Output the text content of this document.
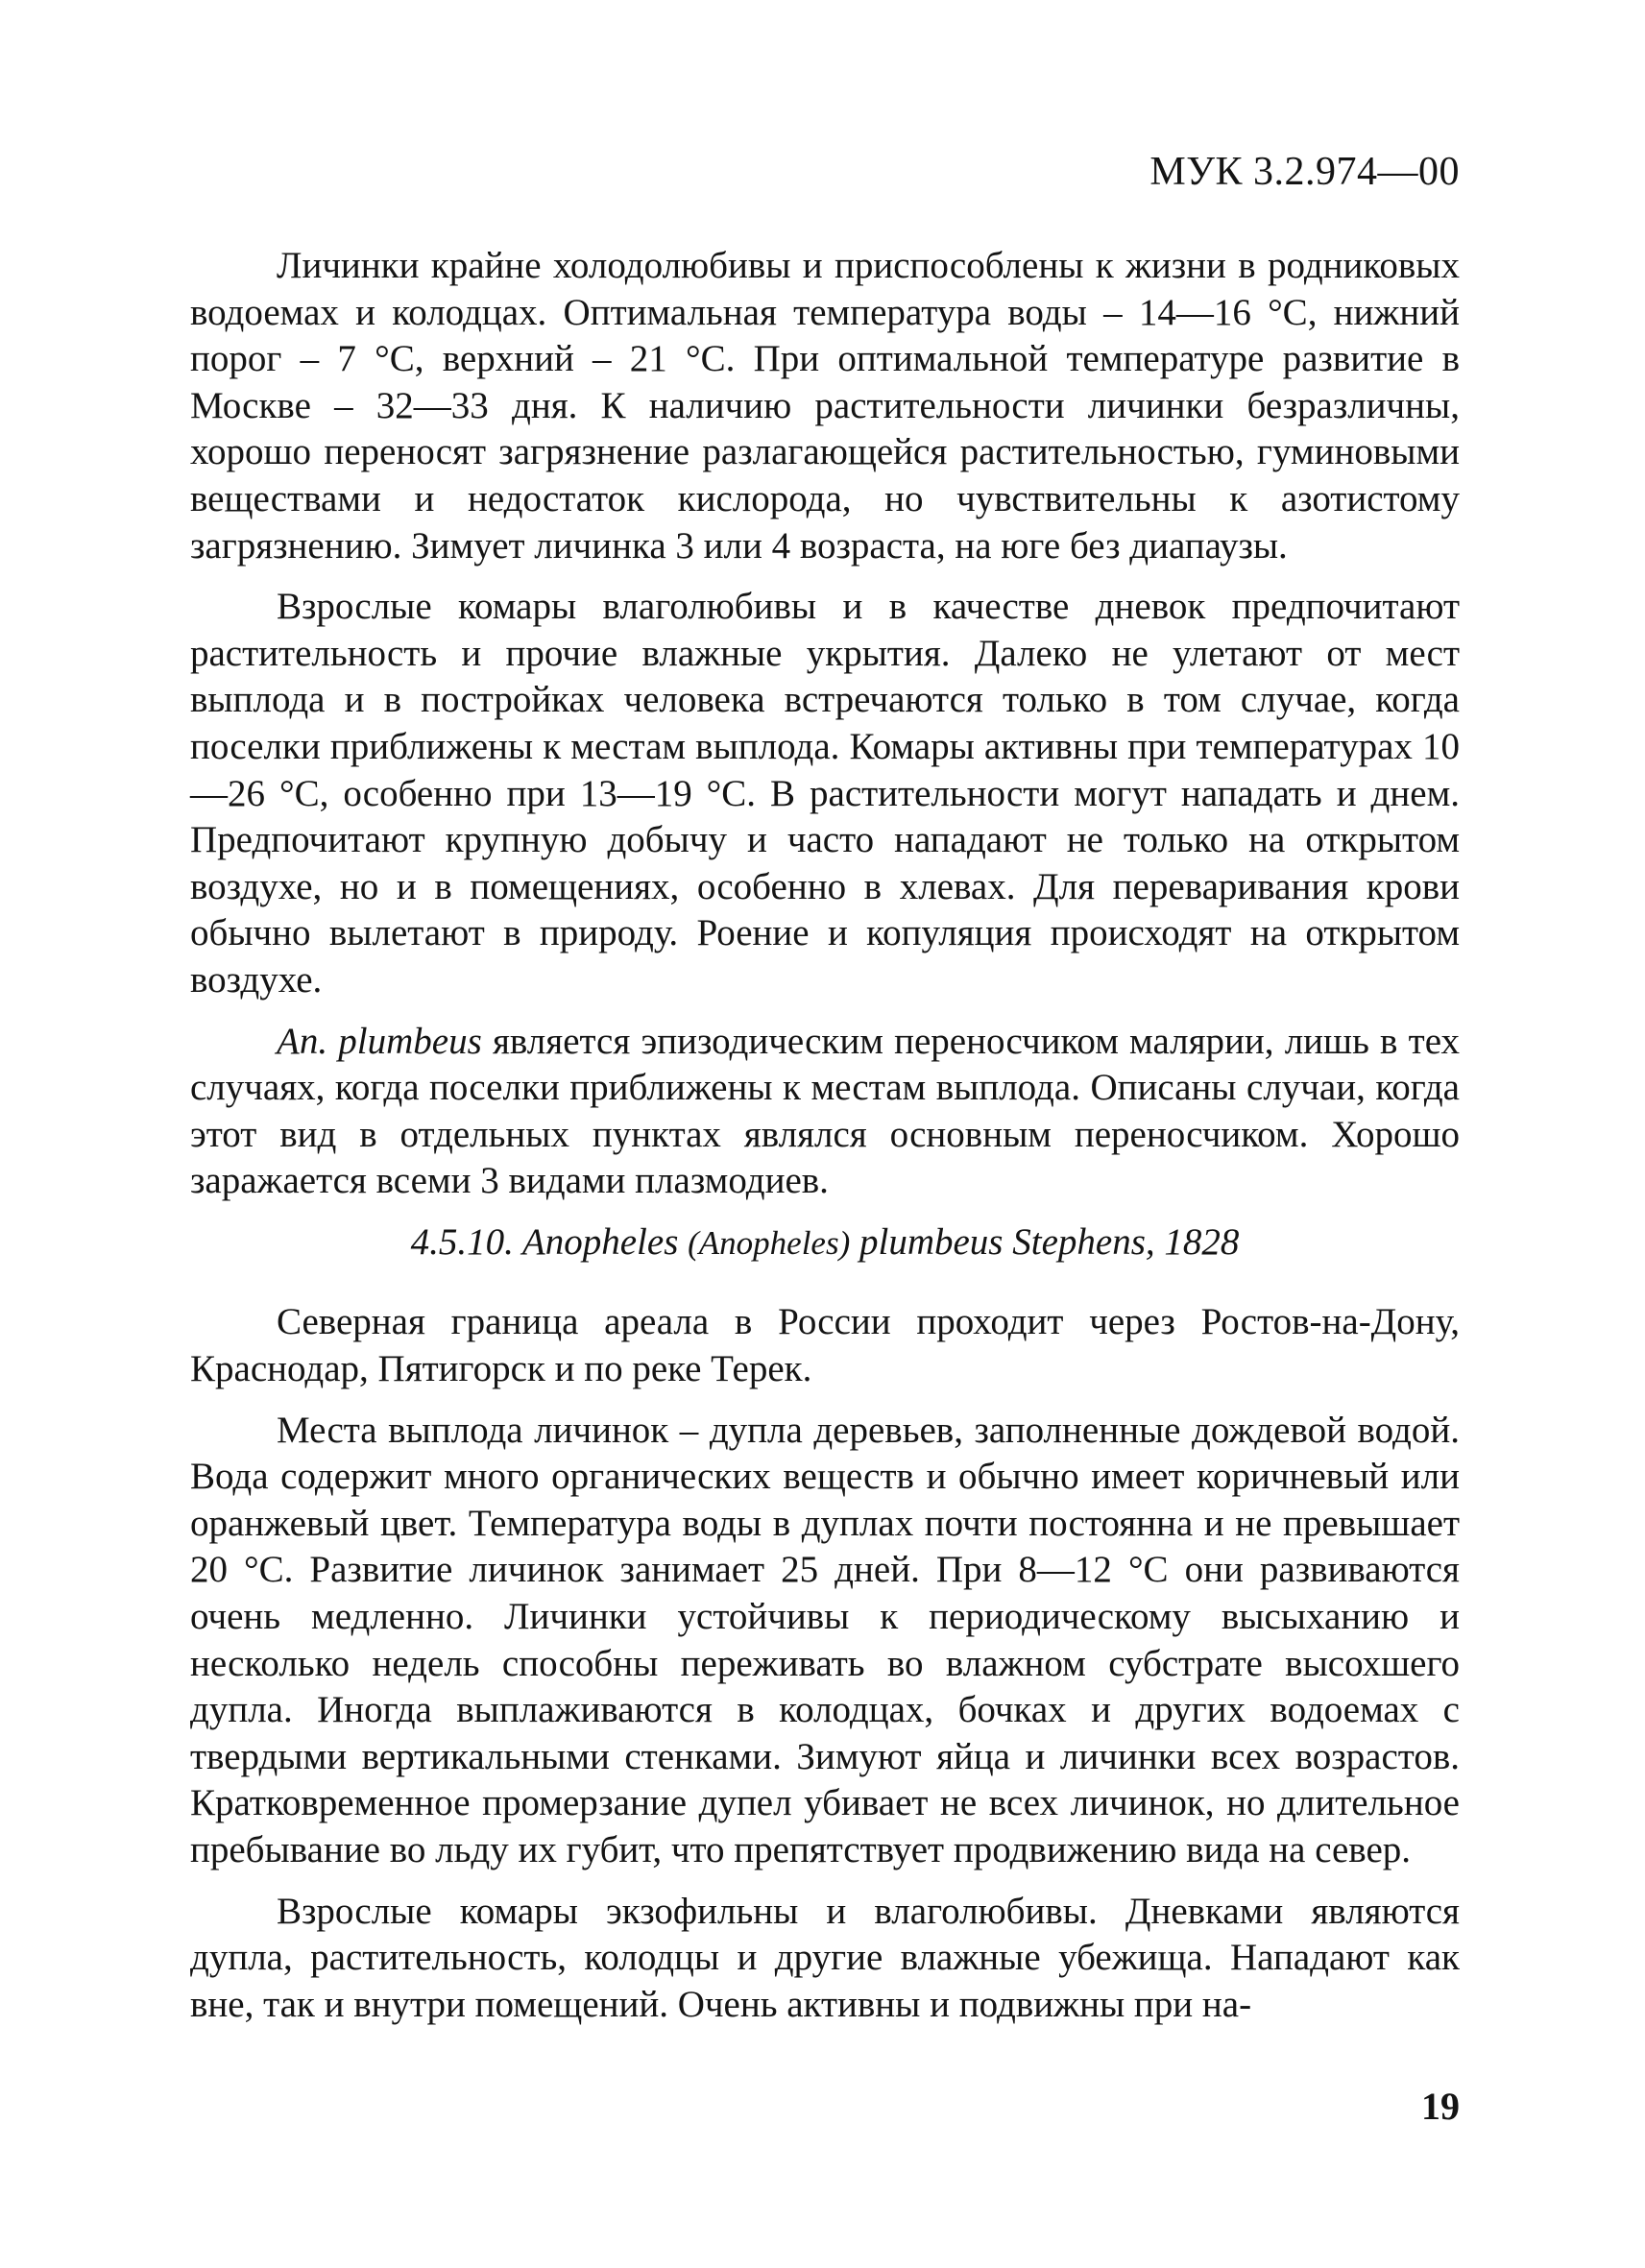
МУК 3.2.974—00

Личинки крайне холодолюбивы и приспособлены к жизни в родниковых водоемах и колодцах. Оптимальная температура воды – 14—16 °С, нижний порог – 7 °С, верхний – 21 °С. При оптимальной температуре развитие в Москве – 32—33 дня. К наличию растительности личинки безразличны, хорошо переносят загрязнение разлагающейся растительностью, гуминовыми веществами и недостаток кислорода, но чувствительны к азотистому загрязнению. Зимует личинка 3 или 4 возраста, на юге без диапаузы.

Взрослые комары влаголюбивы и в качестве дневок предпочитают растительность и прочие влажные укрытия. Далеко не улетают от мест выплода и в постройках человека встречаются только в том случае, когда поселки приближены к местам выплода. Комары активны при температурах 10—26 °С, особенно при 13—19 °С. В растительности могут нападать и днем. Предпочитают крупную добычу и часто нападают не только на открытом воздухе, но и в помещениях, особенно в хлевах. Для переваривания крови обычно вылетают в природу. Роение и копуляция происходят на открытом воздухе.

An. plumbeus является эпизодическим переносчиком малярии, лишь в тех случаях, когда поселки приближены к местам выплода. Описаны случаи, когда этот вид в отдельных пунктах являлся основным переносчиком. Хорошо заражается всеми 3 видами плазмодиев.

4.5.10. Anopheles (Anopheles) plumbeus Stephens, 1828

Северная граница ареала в России проходит через Ростов-на-Дону, Краснодар, Пятигорск и по реке Терек.

Места выплода личинок – дупла деревьев, заполненные дождевой водой. Вода содержит много органических веществ и обычно имеет коричневый или оранжевый цвет. Температура воды в дуплах почти постоянна и не превышает 20 °С. Развитие личинок занимает 25 дней. При 8—12 °С они развиваются очень медленно. Личинки устойчивы к периодическому высыханию и несколько недель способны переживать во влажном субстрате высохшего дупла. Иногда выплаживаются в колодцах, бочках и других водоемах с твердыми вертикальными стенками. Зимуют яйца и личинки всех возрастов. Кратковременное промерзание дупел убивает не всех личинок, но длительное пребывание во льду их губит, что препятствует продвижению вида на север.

Взрослые комары экзофильны и влаголюбивы. Дневками являются дупла, растительность, колодцы и другие влажные убежища. Нападают как вне, так и внутри помещений. Очень активны и подвижны при на-

19
